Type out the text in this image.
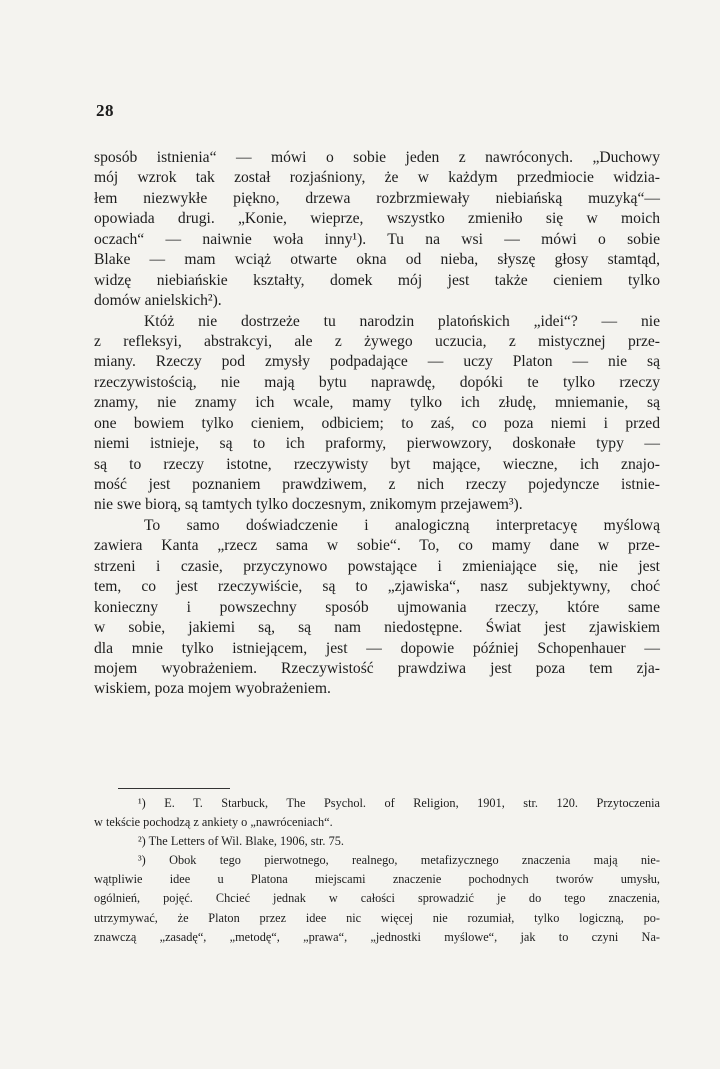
28
sposób istnienia“ — mówi o sobie jeden z nawróconych. „Duchowy
mój wzrok tak został rozjaśniony, że w każdym przedmiocie widzia-
łem niezwykłe piękno, drzewa rozbrzmiewały niebiańską muzyką“—
opowiada drugi. „Konie, wieprze, wszystko zmieniło się w moich
oczach“ — naiwnie woła inny¹). Tu na wsi — mówi o sobie
Blake — mam wciąż otwarte okna od nieba, słyszę głosy stamtąd,
widzę niebiańskie kształty, domek mój jest także cieniem tylko
domów anielskich²).
Któż nie dostrzeże tu narodzin platońskich „idei“? — nie
z refleksyi, abstrakcyi, ale z żywego uczucia, z mistycznej prze-
miany. Rzeczy pod zmysły podpadające — uczy Platon — nie są
rzeczywistością, nie mają bytu naprawdę, dopóki te tylko rzeczy
znamy, nie znamy ich wcale, mamy tylko ich złudę, mniemanie, są
one bowiem tylko cieniem, odbiciem; to zaś, co poza niemi i przed
niemi istnieje, są to ich praformy, pierwowzory, doskonałe typy —
są to rzeczy istotne, rzeczywisty byt mające, wieczne, ich znajo-
mość jest poznaniem prawdziwem, z nich rzeczy pojedyncze istnie-
nie swe biorą, są tamtych tylko doczesnym, znikomym przejawem³).
To samo doświadczenie i analogiczną interpretacyę myślową
zawiera Kanta „rzecz sama w sobie“. To, co mamy dane w prze-
strzeni i czasie, przyczynowo powstające i zmieniające się, nie jest
tem, co jest rzeczywiście, są to „zjawiska“, nasz subjektywny, choć
konieczny i powszechny sposób ujmowania rzeczy, które same
w sobie, jakiemi są, są nam niedostępne. Świat jest zjawiskiem
dla mnie tylko istniejącem, jest — dopowie później Schopenhauer —
mojem wyobrażeniem. Rzeczywistość prawdziwa jest poza tem zja-
wiskiem, poza mojem wyobrażeniem.
¹) E. T. Starbuck, The Psychol. of Religion, 1901, str. 120. Przytoczenia
w tekście pochodzą z ankiety o „nawróceniach“.
²) The Letters of Wil. Blake, 1906, str. 75.
³) Obok tego pierwotnego, realnego, metafizycznego znaczenia mają nie-
wątpliwie idee u Platona miejscami znaczenie pochodnych tworów umysłu,
ogólnień, pojęć. Chcieć jednak w całości sprowadzić je do tego znaczenia,
utrzymywać, że Platon przez idee nic więcej nie rozumiał, tylko logiczną, po-
znawczą „zasadę“, „metodę“, „prawa“, „jednostki myślowe“, jak to czyni Na-
